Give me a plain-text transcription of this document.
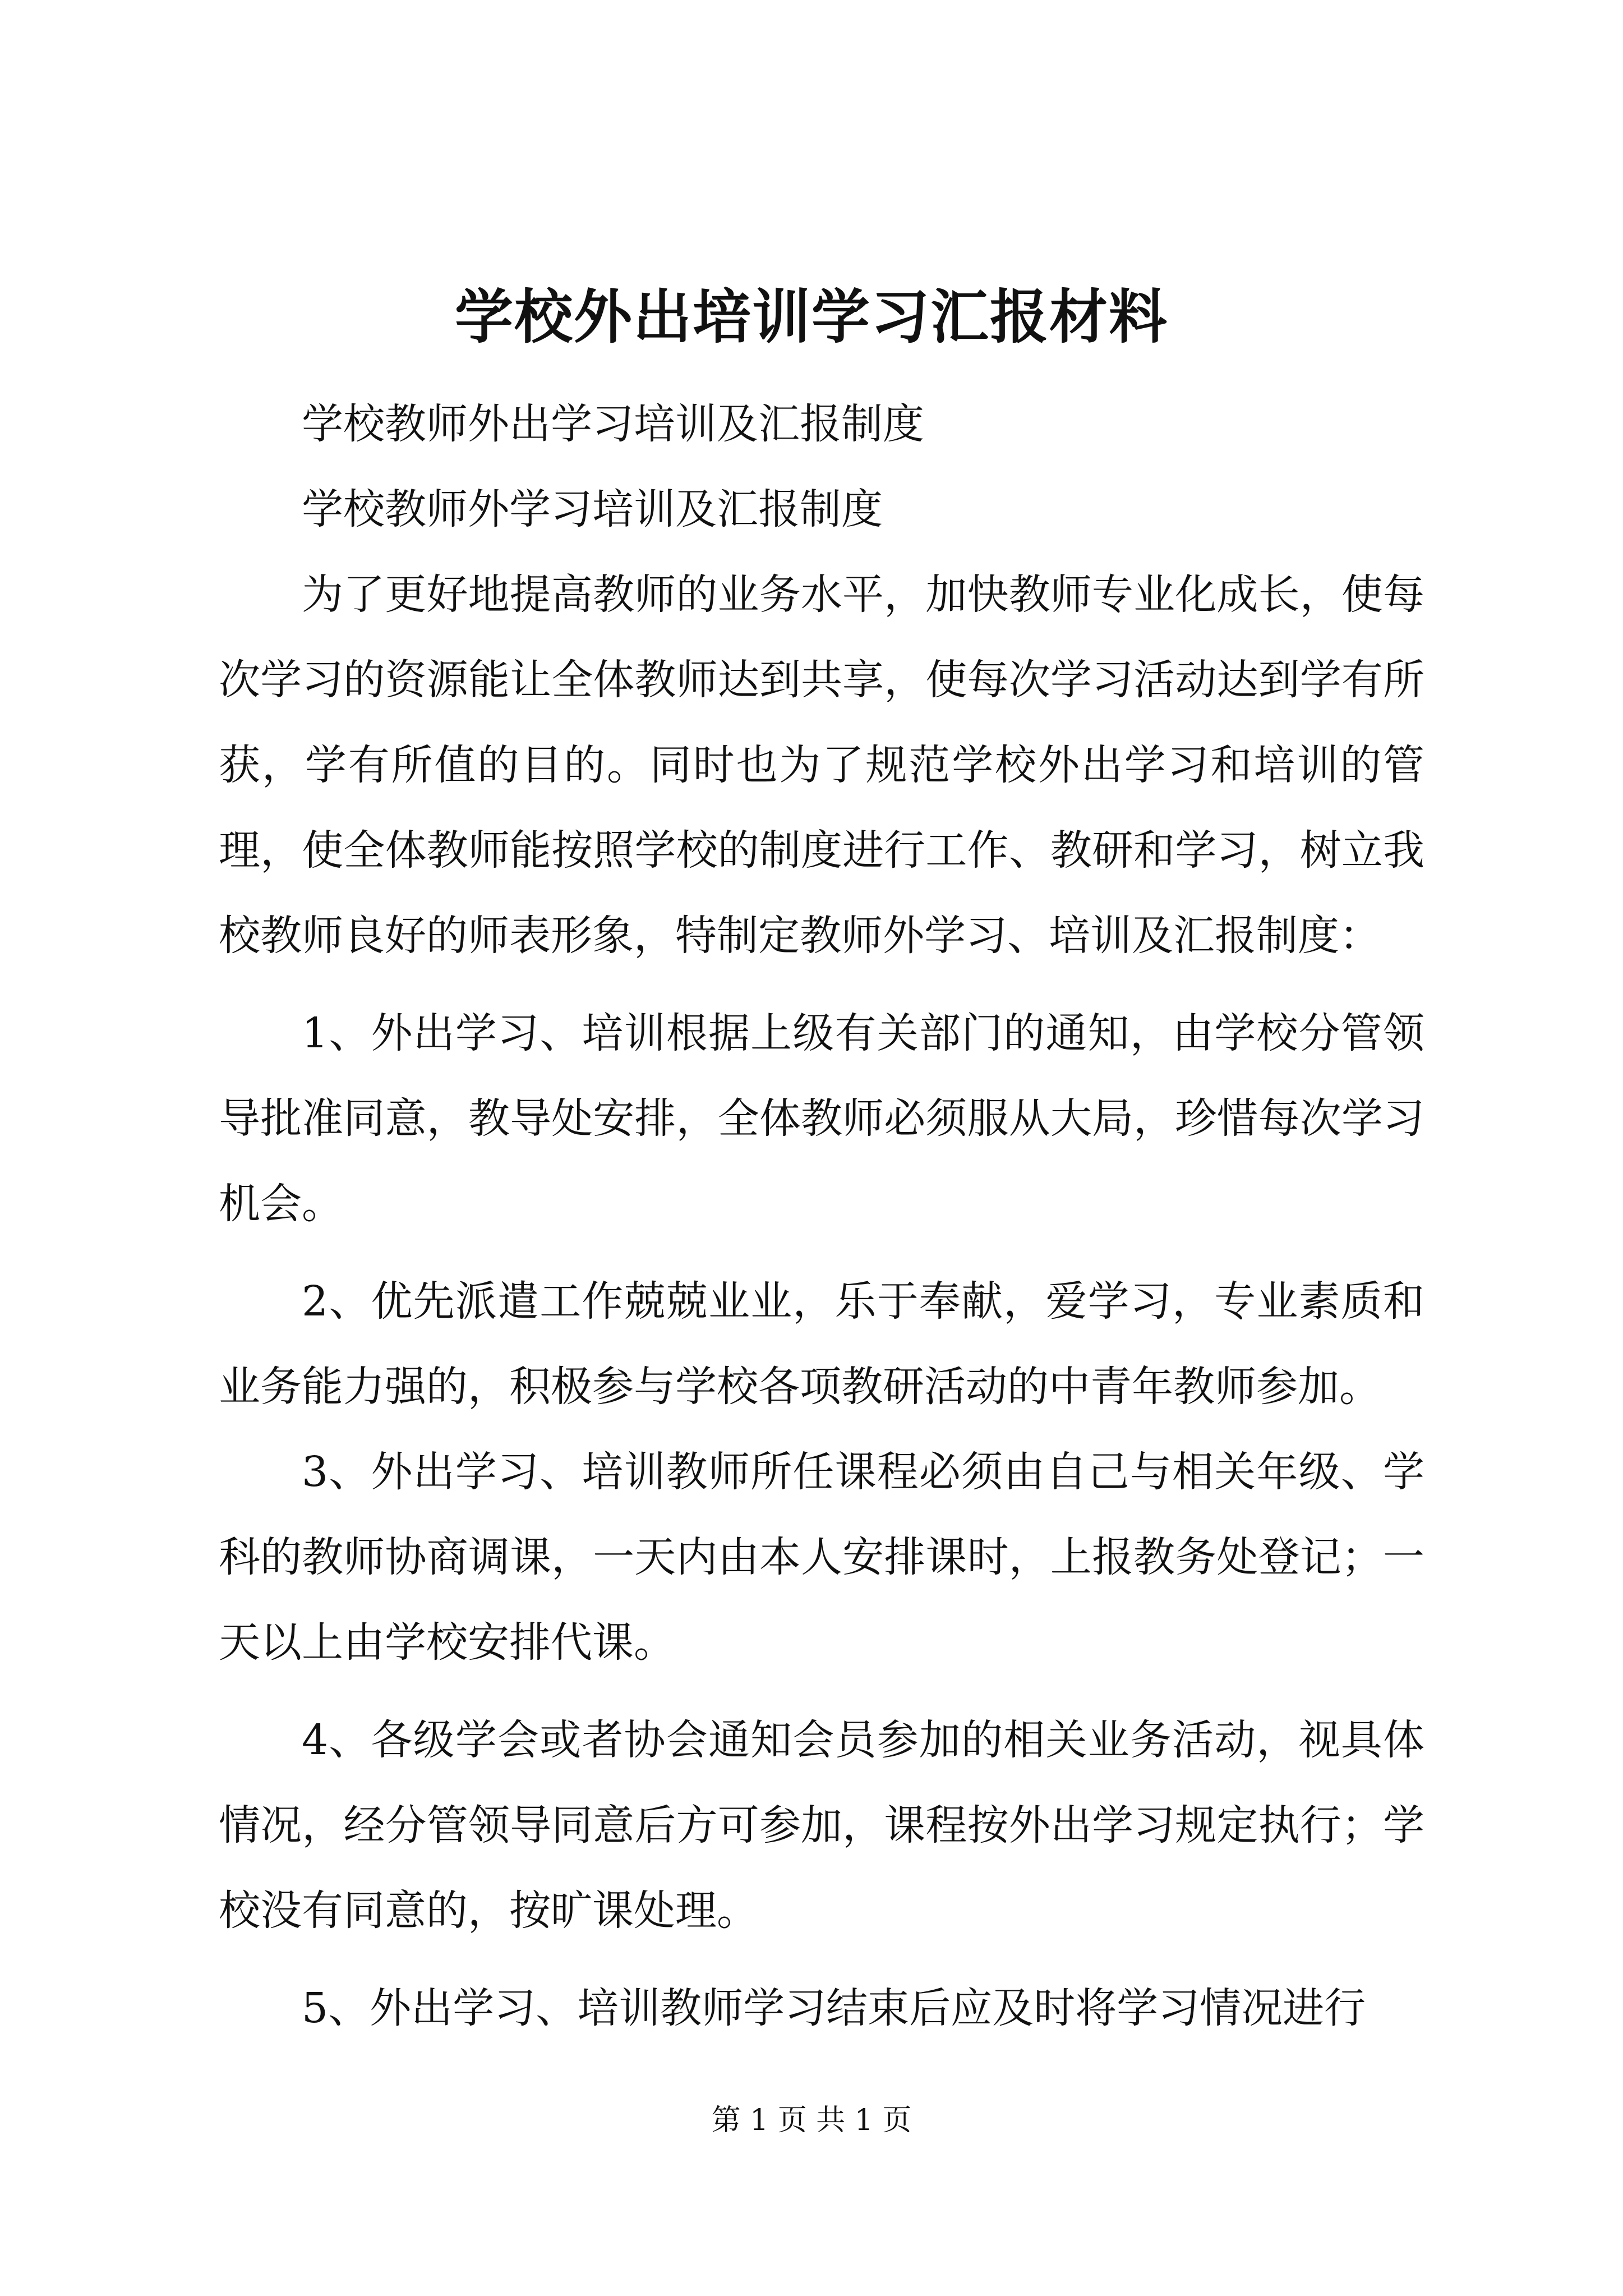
学校外出培训学习汇报材料

学校教师外出学习培训及汇报制度

学校教师外学习培训及汇报制度

为了更好地提高教师的业务水平，加快教师专业化成长，使每次学习的资源能让全体教师达到共享，使每次学习活动达到学有所获，学有所值的目的。同时也为了规范学校外出学习和培训的管理，使全体教师能按照学校的制度进行工作、教研和学习，树立我校教师良好的师表形象，特制定教师外学习、培训及汇报制度：

1、外出学习、培训根据上级有关部门的通知，由学校分管领导批准同意，教导处安排，全体教师必须服从大局，珍惜每次学习机会。

2、优先派遣工作兢兢业业，乐于奉献，爱学习，专业素质和业务能力强的，积极参与学校各项教研活动的中青年教师参加。

3、外出学习、培训教师所任课程必须由自己与相关年级、学科的教师协商调课，一天内由本人安排课时，上报教务处登记；一天以上由学校安排代课。

4、各级学会或者协会通知会员参加的相关业务活动，视具体情况，经分管领导同意后方可参加，课程按外出学习规定执行；学校没有同意的，按旷课处理。

5、外出学习、培训教师学习结束后应及时将学习情况进行

第 1 页 共 1 页
